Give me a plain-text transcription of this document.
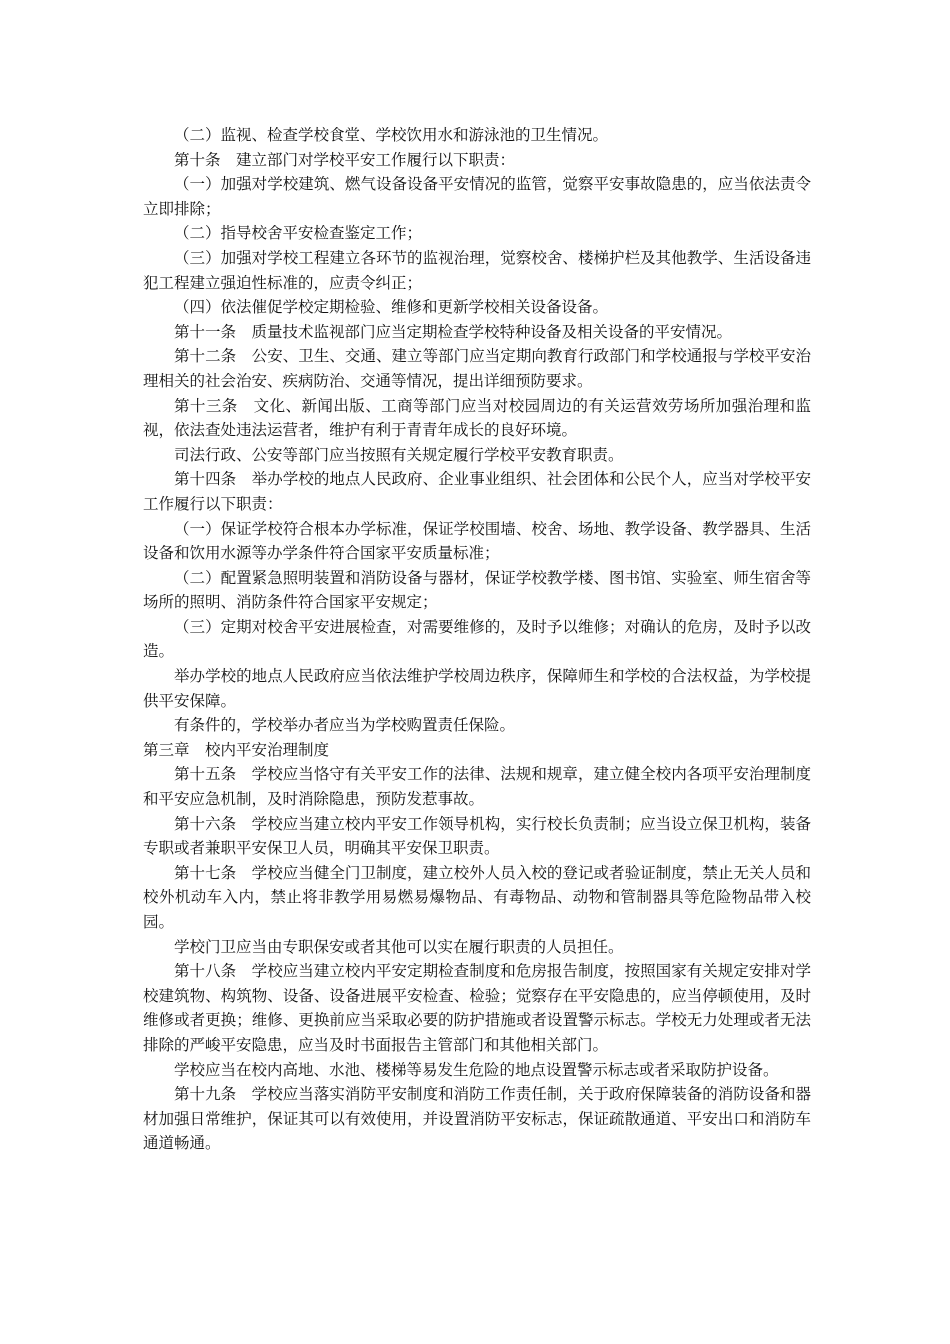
（二）监视、检查学校食堂、学校饮用水和游泳池的卫生情况。

第十条　建立部门对学校平安工作履行以下职责：

（一）加强对学校建筑、燃气设备设备平安情况的监管，觉察平安事故隐患的，应当依法责令立即排除；

（二）指导校舍平安检查鉴定工作；

（三）加强对学校工程建立各环节的监视治理，觉察校舍、楼梯护栏及其他教学、生活设备违犯工程建立强迫性标准的，应责令纠正；

（四）依法催促学校定期检验、维修和更新学校相关设备设备。

第十一条　质量技术监视部门应当定期检查学校特种设备及相关设备的平安情况。

第十二条　公安、卫生、交通、建立等部门应当定期向教育行政部门和学校通报与学校平安治理相关的社会治安、疾病防治、交通等情况，提出详细预防要求。

第十三条　文化、新闻出版、工商等部门应当对校园周边的有关运营效劳场所加强治理和监视，依法查处违法运营者，维护有利于青青年成长的良好环境。

司法行政、公安等部门应当按照有关规定履行学校平安教育职责。

第十四条　举办学校的地点人民政府、企业事业组织、社会团体和公民个人，应当对学校平安工作履行以下职责：

（一）保证学校符合根本办学标准，保证学校围墙、校舍、场地、教学设备、教学器具、生活设备和饮用水源等办学条件符合国家平安质量标准；

（二）配置紧急照明装置和消防设备与器材，保证学校教学楼、图书馆、实验室、师生宿舍等场所的照明、消防条件符合国家平安规定；

（三）定期对校舍平安进展检查，对需要维修的，及时予以维修；对确认的危房，及时予以改造。

举办学校的地点人民政府应当依法维护学校周边秩序，保障师生和学校的合法权益，为学校提供平安保障。

有条件的，学校举办者应当为学校购置责任保险。

第三章　校内平安治理制度

第十五条　学校应当恪守有关平安工作的法律、法规和规章，建立健全校内各项平安治理制度和平安应急机制，及时消除隐患，预防发惹事故。

第十六条　学校应当建立校内平安工作领导机构，实行校长负责制；应当设立保卫机构，装备专职或者兼职平安保卫人员，明确其平安保卫职责。

第十七条　学校应当健全门卫制度，建立校外人员入校的登记或者验证制度，禁止无关人员和校外机动车入内，禁止将非教学用易燃易爆物品、有毒物品、动物和管制器具等危险物品带入校园。

学校门卫应当由专职保安或者其他可以实在履行职责的人员担任。

第十八条　学校应当建立校内平安定期检查制度和危房报告制度，按照国家有关规定安排对学校建筑物、构筑物、设备、设备进展平安检查、检验；觉察存在平安隐患的，应当停顿使用，及时维修或者更换；维修、更换前应当采取必要的防护措施或者设置警示标志。学校无力处理或者无法排除的严峻平安隐患，应当及时书面报告主管部门和其他相关部门。

学校应当在校内高地、水池、楼梯等易发生危险的地点设置警示标志或者采取防护设备。

第十九条　学校应当落实消防平安制度和消防工作责任制，关于政府保障装备的消防设备和器材加强日常维护，保证其可以有效使用，并设置消防平安标志，保证疏散通道、平安出口和消防车通道畅通。
